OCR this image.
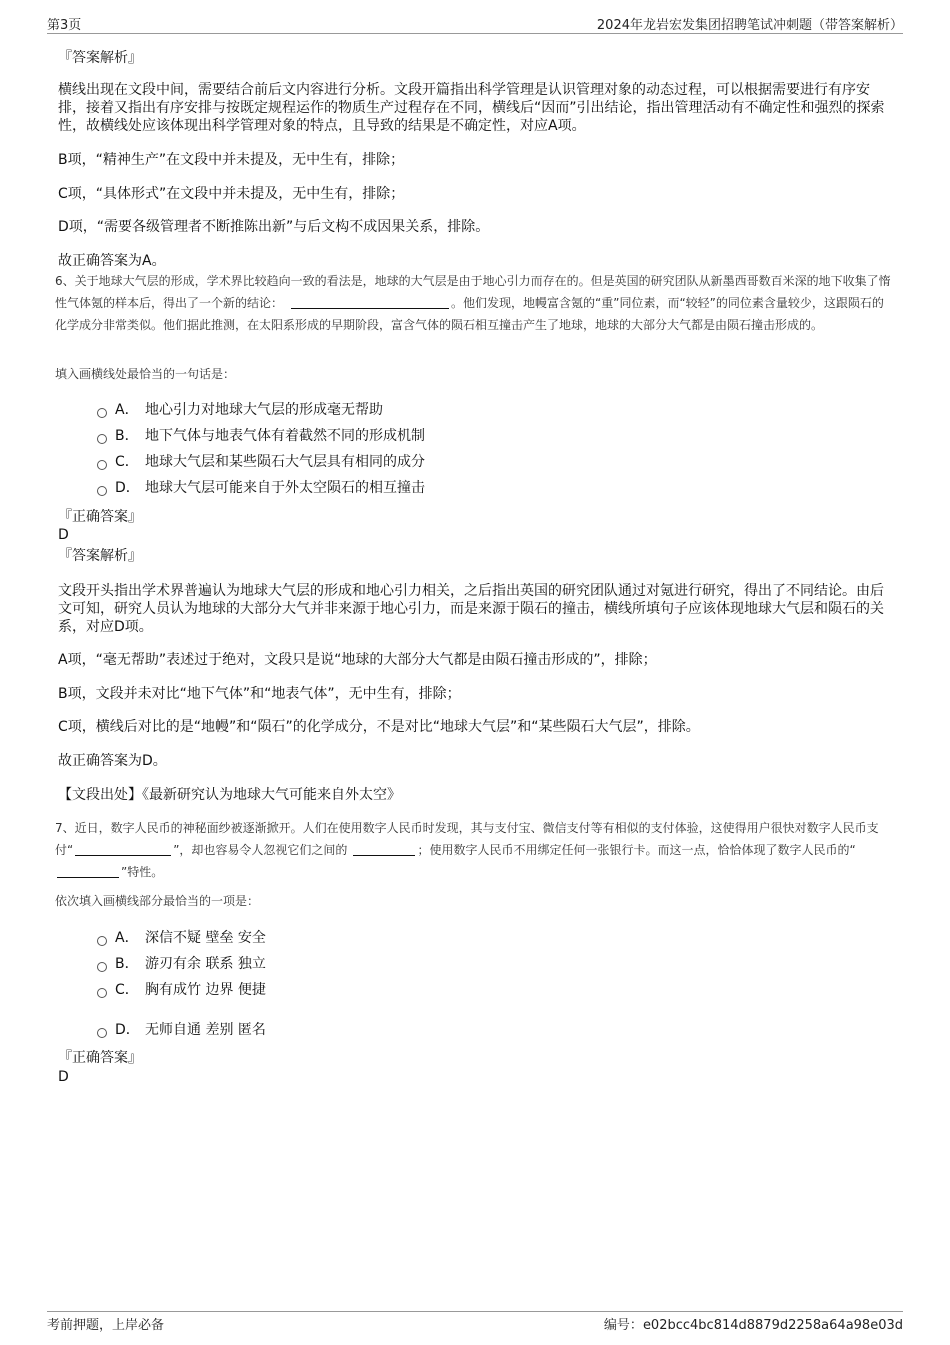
第3页	2024年龙岩宏发集团招聘笔试冲刺题（带答案解析）
『答案解析』

横线出现在文段中间，需要结合前后文内容进行分析。文段开篇指出科学管理是认识管理对象的动态过程，可以根据需要进行有序安排，接着又指出有序安排与按既定规程运作的物质生产过程存在不同，横线后“因而”引出结论，指出管理活动有不确定性和强烈的探索性，故横线处应该体现出科学管理对象的特点，且导致的结果是不确定性，对应A项。

B项，“精神生产”在文段中并未提及，无中生有，排除；

C项，“具体形式”在文段中并未提及，无中生有，排除；

D项，“需要各级管理者不断推陈出新”与后文构不成因果关系，排除。

故正确答案为A。

6、关于地球大气层的形成，学术界比较趋向一致的看法是，地球的大气层是由于地心引力而存在的。但是英国的研究团队从新墨西哥数百米深的地下收集了惰性气体氪的样本后，得出了一个新的结论：	。他们发现，地幔富含氪的“重”同位素，而“较轻”的同位素含量较少，这跟陨石的化学成分非常类似。他们据此推测，在太阳系形成的早期阶段，富含气体的陨石相互撞击产生了地球，地球的大部分大气都是由陨石撞击形成的。

填入画横线处最恰当的一句话是：

A． 地心引力对地球大气层的形成毫无帮助
B． 地下气体与地表气体有着截然不同的形成机制
C． 地球大气层和某些陨石大气层具有相同的成分
D． 地球大气层可能来自于外太空陨石的相互撞击
『正确答案』
D
『答案解析』

文段开头指出学术界普遍认为地球大气层的形成和地心引力相关，之后指出英国的研究团队通过对氪进行研究，得出了不同结论。由后文可知，研究人员认为地球的大部分大气并非来源于地心引力，而是来源于陨石的撞击，横线所填句子应该体现地球大气层和陨石的关系，对应D项。

A项，“毫无帮助”表述过于绝对，文段只是说“地球的大部分大气都是由陨石撞击形成的”，排除；

B项，文段并未对比“地下气体”和“地表气体”，无中生有，排除；

C项，横线后对比的是“地幔”和“陨石”的化学成分，不是对比“地球大气层”和“某些陨石大气层”，排除。

故正确答案为D。

【文段出处】《最新研究认为地球大气可能来自外太空》

7、近日，数字人民币的神秘面纱被逐渐掀开。人们在使用数字人民币时发现，其与支付宝、微信支付等有相似的支付体验，这使得用户很快对数字人民币支付“	”，却也容易令人忽视它们之间的	；使用数字人民币不用绑定任何一张银行卡。而这一点，恰恰体现了数字人民币的“”特性。

依次填入画横线部分最恰当的一项是：

A． 深信不疑 壁垒 安全
B． 游刃有余 联系 独立
C． 胸有成竹 边界 便捷
D． 无师自通 差别 匿名
『正确答案』
D
考前押题，上岸必备	编号：e02bcc4bc814d8879d2258a64a98e03d
